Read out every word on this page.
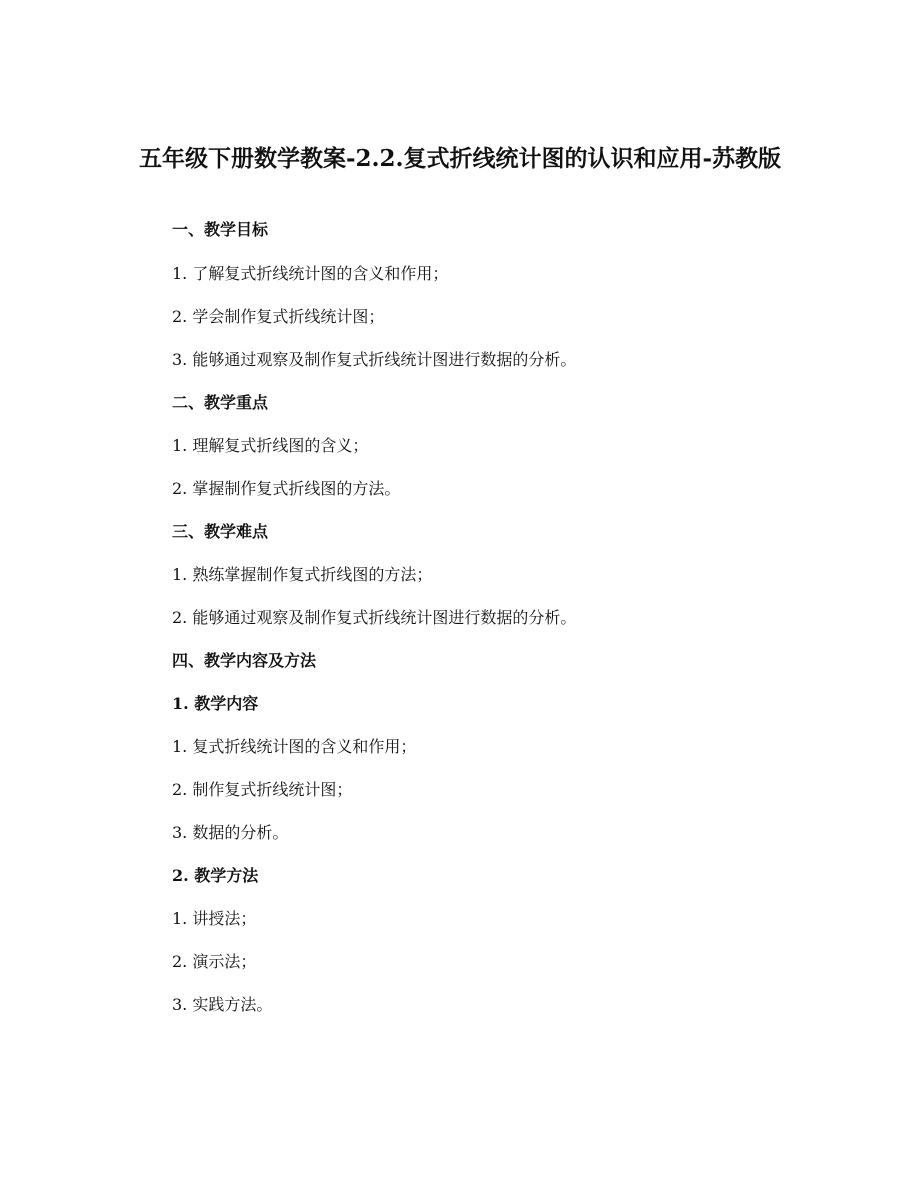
五年级下册数学教案-2.2.复式折线统计图的认识和应用-苏教版

一、教学目标

1. 了解复式折线统计图的含义和作用；

2. 学会制作复式折线统计图；

3. 能够通过观察及制作复式折线统计图进行数据的分析。

二、教学重点

1. 理解复式折线图的含义；

2. 掌握制作复式折线图的方法。

三、教学难点

1. 熟练掌握制作复式折线图的方法；

2. 能够通过观察及制作复式折线统计图进行数据的分析。

四、教学内容及方法

1. 教学内容

1. 复式折线统计图的含义和作用；

2. 制作复式折线统计图；

3. 数据的分析。

2. 教学方法

1. 讲授法；

2. 演示法；

3. 实践方法。
